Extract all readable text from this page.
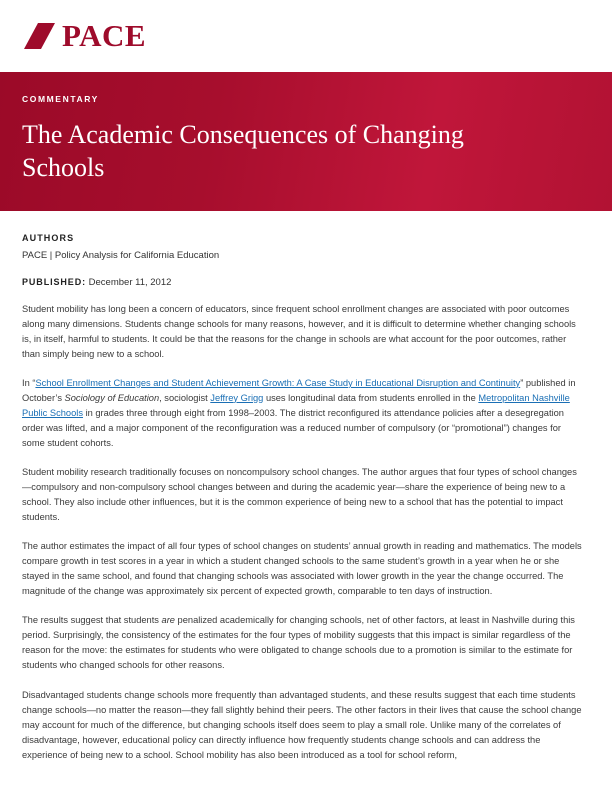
PACE
COMMENTARY
The Academic Consequences of Changing Schools
AUTHORS
PACE | Policy Analysis for California Education
PUBLISHED: December 11, 2012

Student mobility has long been a concern of educators, since frequent school enrollment changes are associated with poor outcomes along many dimensions. Students change schools for many reasons, however, and it is difficult to determine whether changing schools is, in itself, harmful to students. It could be that the reasons for the change in schools are what account for the poor outcomes, rather than simply being new to a school.

In “School Enrollment Changes and Student Achievement Growth: A Case Study in Educational Disruption and Continuity” published in October’s Sociology of Education, sociologist Jeffrey Grigg uses longitudinal data from students enrolled in the Metropolitan Nashville Public Schools in grades three through eight from 1998–2003. The district reconfigured its attendance policies after a desegregation order was lifted, and a major component of the reconfiguration was a reduced number of compulsory (or “promotional”) changes for some student cohorts.

Student mobility research traditionally focuses on noncompulsory school changes. The author argues that four types of school changes—compulsory and non-compulsory school changes between and during the academic year—share the experience of being new to a school. They also include other influences, but it is the common experience of being new to a school that has the potential to impact students.

The author estimates the impact of all four types of school changes on students’ annual growth in reading and mathematics. The models compare growth in test scores in a year in which a student changed schools to the same student’s growth in a year when he or she stayed in the same school, and found that changing schools was associated with lower growth in the year the change occurred. The magnitude of the change was approximately six percent of expected growth, comparable to ten days of instruction.

The results suggest that students are penalized academically for changing schools, net of other factors, at least in Nashville during this period. Surprisingly, the consistency of the estimates for the four types of mobility suggests that this impact is similar regardless of the reason for the move: the estimates for students who were obligated to change schools due to a promotion is similar to the estimate for students who changed schools for other reasons.

Disadvantaged students change schools more frequently than advantaged students, and these results suggest that each time students change schools—no matter the reason—they fall slightly behind their peers. The other factors in their lives that cause the school change may account for much of the difference, but changing schools itself does seem to play a small role. Unlike many of the correlates of disadvantage, however, educational policy can directly influence how frequently students change schools and can address the experience of being new to a school. School mobility has also been introduced as a tool for school reform,
